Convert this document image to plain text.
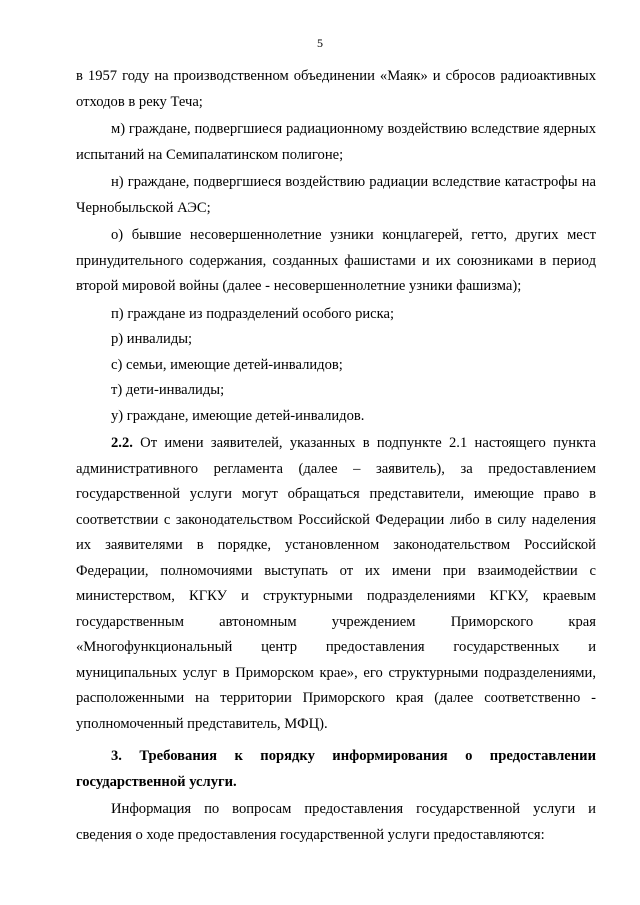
5

в 1957 году на производственном объединении «Маяк» и сбросов радиоактивных отходов в реку Теча;

м) граждане, подвергшиеся радиационному воздействию вследствие ядерных испытаний на Семипалатинском полигоне;

н) граждане, подвергшиеся воздействию радиации вследствие катастрофы на Чернобыльской АЭС;

о) бывшие несовершеннолетние узники концлагерей, гетто, других мест принудительного содержания, созданных фашистами и их союзниками в период второй мировой войны (далее - несовершеннолетние узники фашизма);

п) граждане из подразделений особого риска;

р) инвалиды;

с) семьи, имеющие детей-инвалидов;

т) дети-инвалиды;

у) граждане, имеющие детей-инвалидов.

2.2. От имени заявителей, указанных в подпункте 2.1 настоящего пункта административного регламента (далее – заявитель), за предоставлением государственной услуги могут обращаться представители, имеющие право в соответствии с законодательством Российской Федерации либо в силу наделения их заявителями в порядке, установленном законодательством Российской Федерации, полномочиями выступать от их имени при взаимодействии с министерством, КГКУ и структурными подразделениями КГКУ, краевым государственным автономным учреждением Приморского края «Многофункциональный центр предоставления государственных и муниципальных услуг в Приморском крае», его структурными подразделениями, расположенными на территории Приморского края (далее соответственно - уполномоченный представитель, МФЦ).

3. Требования к порядку информирования о предоставлении государственной услуги.

Информация по вопросам предоставления государственной услуги и сведения о ходе предоставления государственной услуги предоставляются:
